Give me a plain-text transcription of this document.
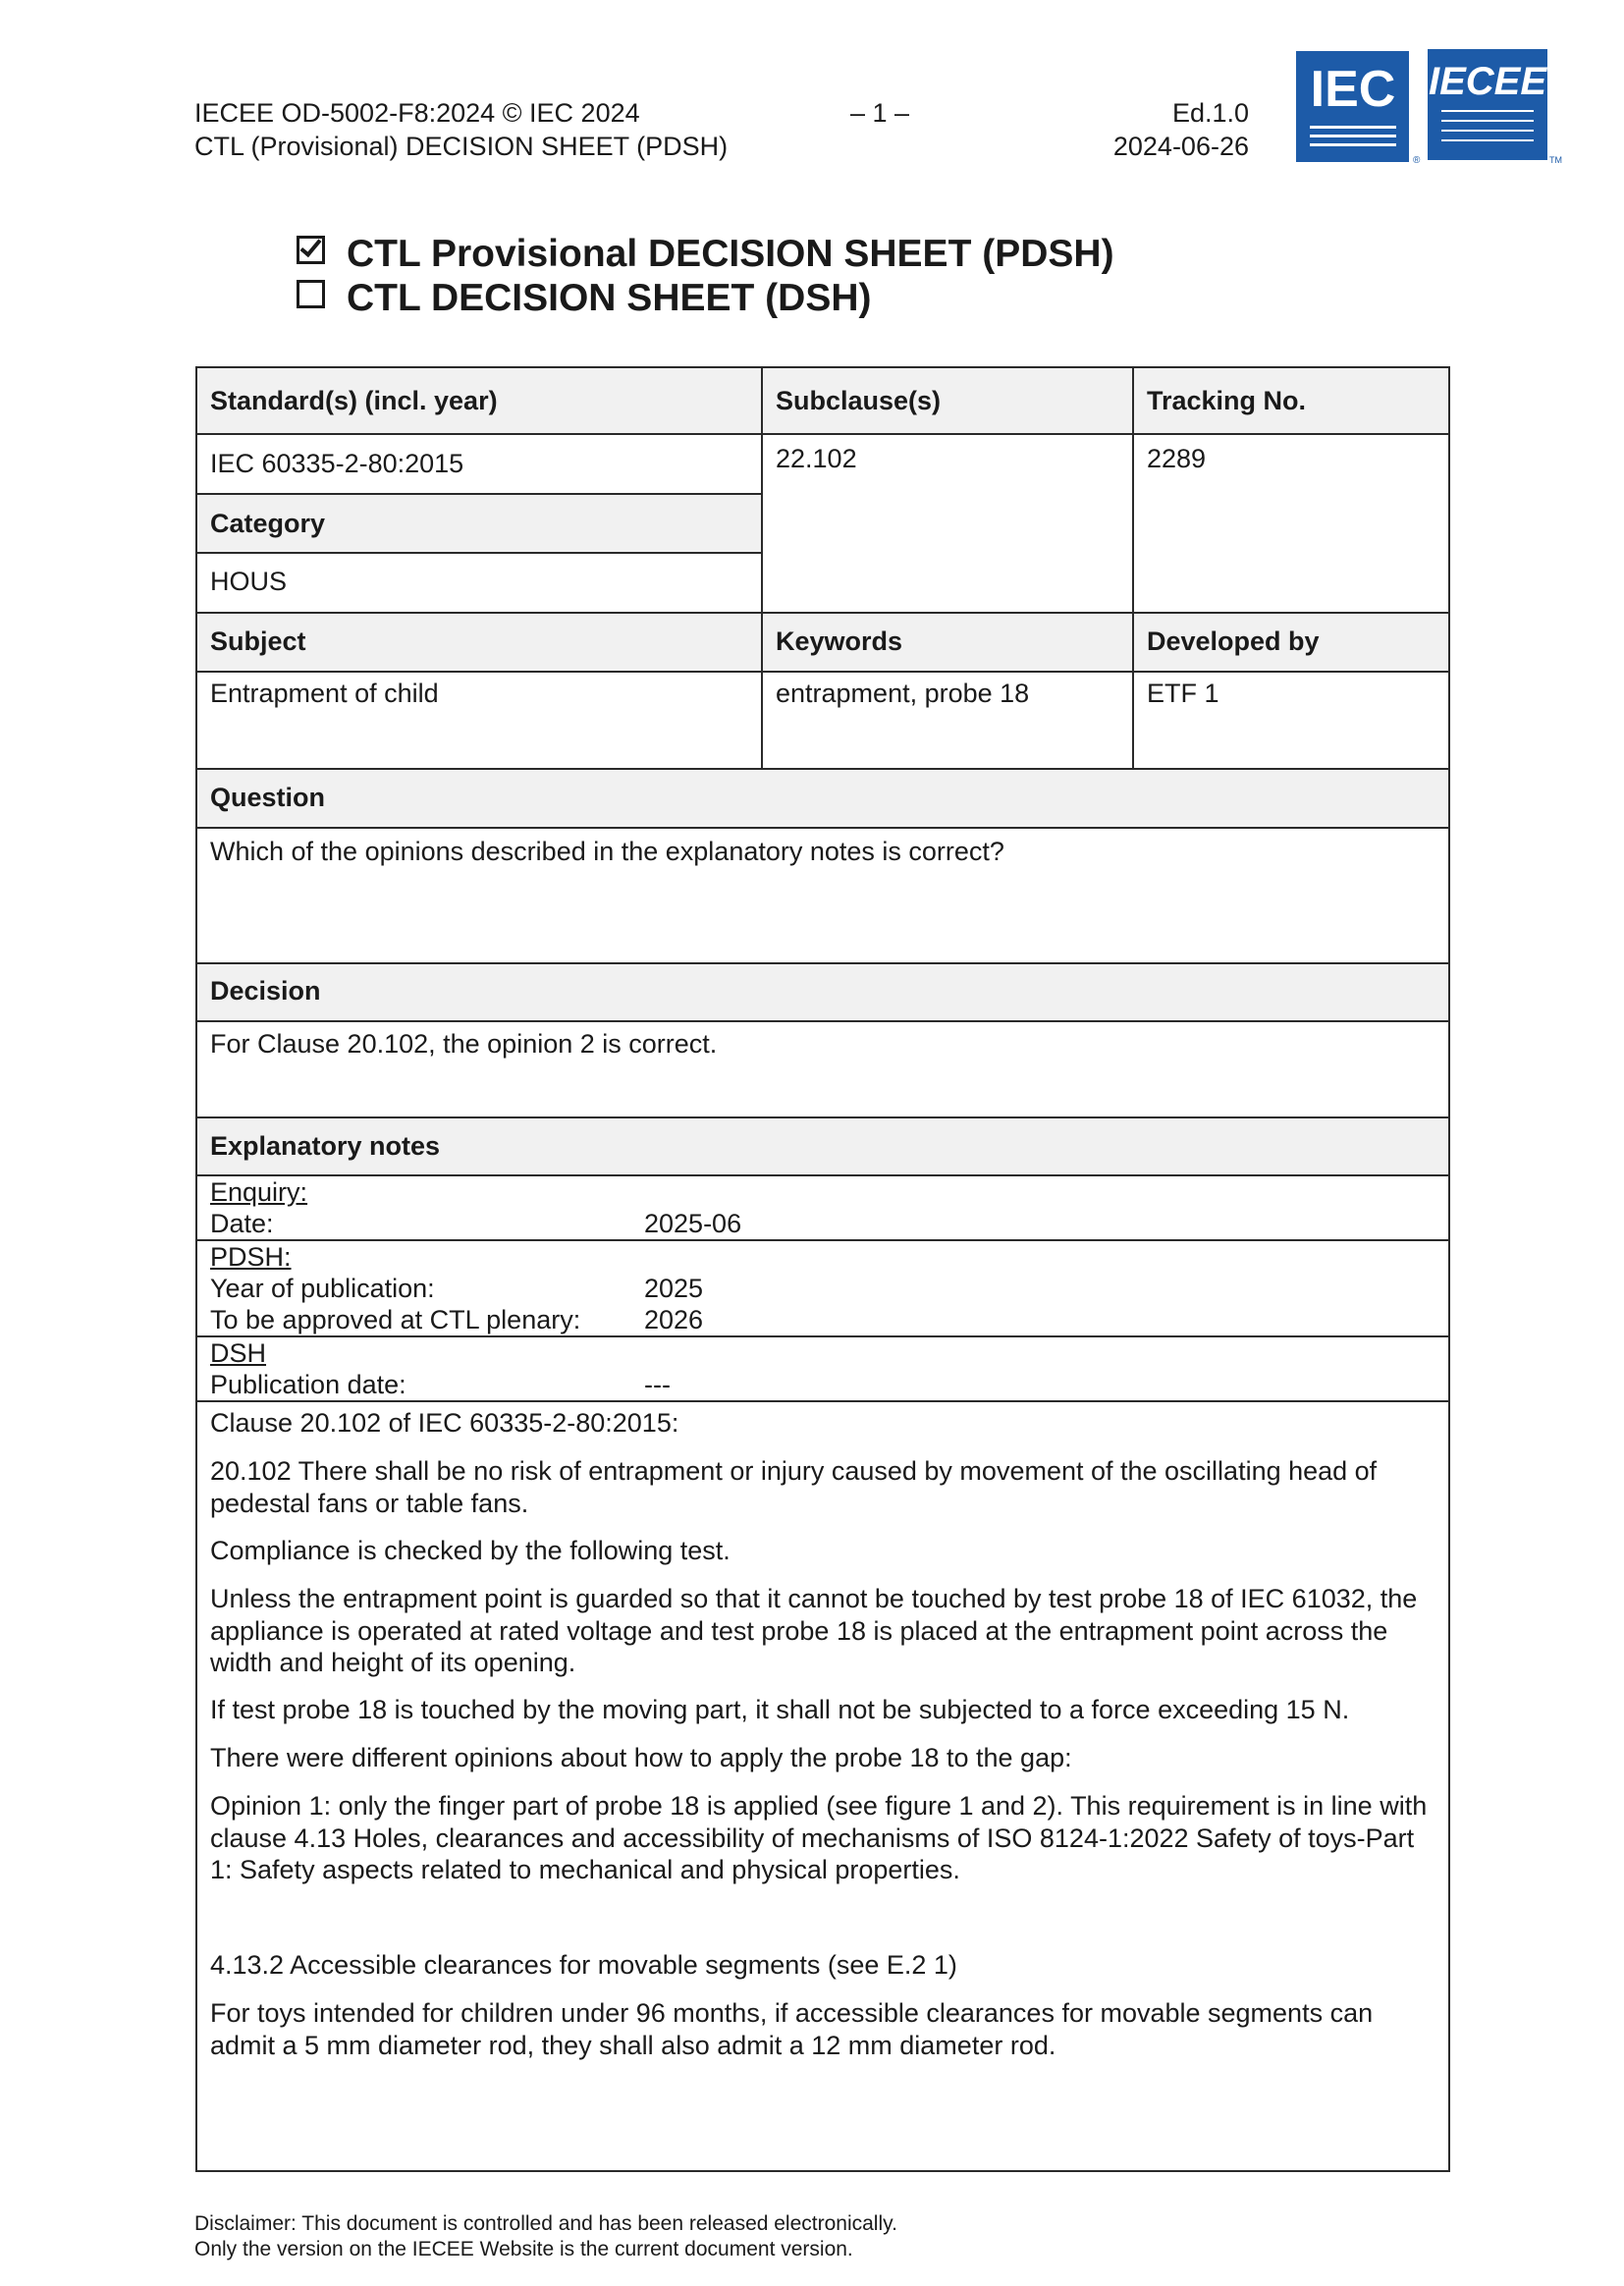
IECEE OD-5002-F8:2024 © IEC 2024
CTL (Provisional) DECISION SHEET (PDSH)
– 1 –	Ed.1.0
2024-06-26
IEC
®
IECEE
TM
CTL Provisional DECISION SHEET (PDSH)
CTL DECISION SHEET (DSH)
Standard(s) (incl. year)	Subclause(s)	Tracking No.
IEC 60335-2-80:2015	22.102	2289
Category
HOUS
Subject	Keywords	Developed by
Entrapment of child	entrapment, probe 18	ETF 1
Question
Which of the opinions described in the explanatory notes is correct?
Decision
For Clause 20.102, the opinion 2 is correct.
Explanatory notes
Enquiry:
Date:	2025-06
PDSH:
Year of publication:	2025
To be approved at CTL plenary: 2026
DSH
Publication date:	---
Clause 20.102 of IEC 60335-2-80:2015:
20.102 There shall be no risk of entrapment or injury caused by movement of the oscillating head of pedestal fans or table fans.
Compliance is checked by the following test.
Unless the entrapment point is guarded so that it cannot be touched by test probe 18 of IEC 61032, the appliance is operated at rated voltage and test probe 18 is placed at the entrapment point across the width and height of its opening.
If test probe 18 is touched by the moving part, it shall not be subjected to a force exceeding 15 N.
There were different opinions about how to apply the probe 18 to the gap:
Opinion 1: only the finger part of probe 18 is applied (see figure 1 and 2). This requirement is in line with clause 4.13 Holes, clearances and accessibility of mechanisms of ISO 8124-1:2022 Safety of toys-Part 1: Safety aspects related to mechanical and physical properties.
4.13.2 Accessible clearances for movable segments (see E.2 1)
For toys intended for children under 96 months, if accessible clearances for movable segments can admit a 5 mm diameter rod, they shall also admit a 12 mm diameter rod.
Disclaimer: This document is controlled and has been released electronically.
Only the version on the IECEE Website is the current document version.
